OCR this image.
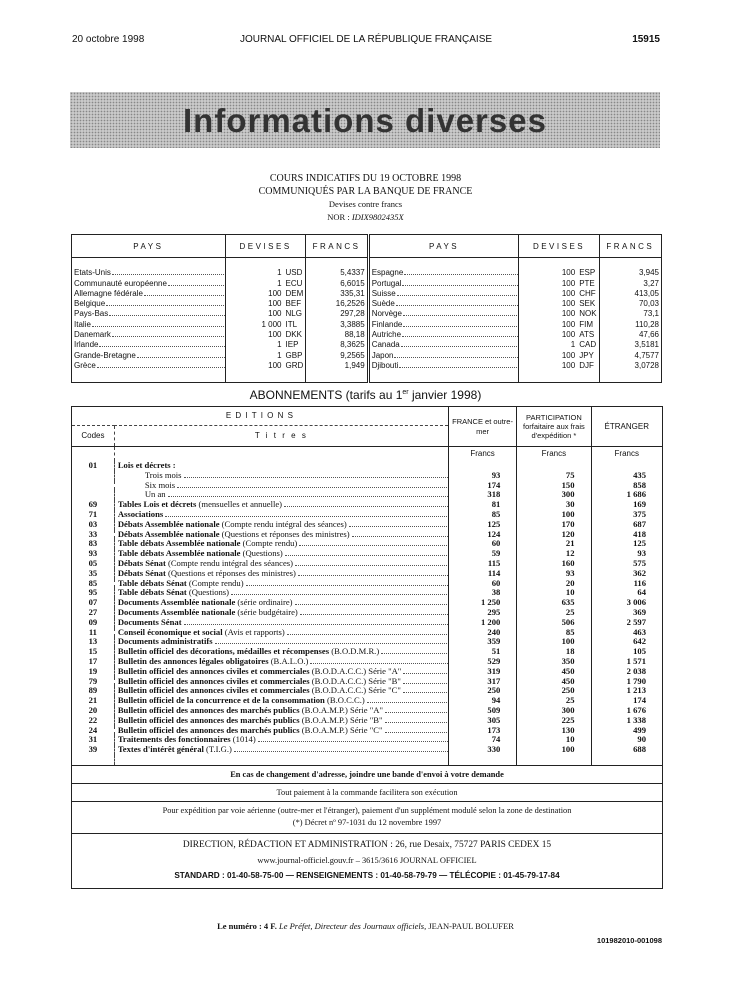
20 octobre 1998	JOURNAL OFFICIEL DE LA RÉPUBLIQUE FRANÇAISE	15915
Informations diverses
COURS INDICATIFS DU 19 OCTOBRE 1998
COMMUNIQUÉS PAR LA BANQUE DE FRANCE
Devises contre francs
NOR : IDIX9802435X
PAYS	DEVISES		FRANCS	PAYS	DEVISES		FRANCS

Etats-Unis	1	USD	5,4337	Espagne	100	ESP	3,945
Communauté européenne	1	ECU	6,6015	Portugal	100	PTE	3,27
Allemagne fédérale	100	DEM	335,31	Suisse	100	CHF	413,05
Belgique	100	BEF	16,2526	Suède	100	SEK	70,03
Pays-Bas	100	NLG	297,28	Norvège	100	NOK	73,1
Italie	1 000	ITL	3,3885	Finlande	100	FIM	110,28
Danemark	100	DKK	88,18	Autriche	100	ATS	47,66
Irlande	1	IEP	8,3625	Canada	1	CAD	3,5181
Grande-Bretagne	1	GBP	9,2565	Japon	100	JPY	4,7577
Grèce	100	GRD	1,949	Djibouti	100	DJF	3,0728

ABONNEMENTS (tarifs au 1er janvier 1998)
E D I T I O N S		FRANCE et outre-mer	PARTICIPATION forfaitaire aux frais d'expédition *	ÉTRANGER
Codes	T i t r e s			
		Francs	Francs	Francs
01	Lois et décrets :			
	Trois mois	93	75	435
	Six mois	174	150	858
	Un an	318	300	1 686
69	Tables Lois et décrets (mensuelles et annuelle)	81	30	169
71	Associations	85	100	375
03	Débats Assemblée nationale (Compte rendu intégral des séances)	125	170	687
33	Débats Assemblée nationale (Questions et réponses des ministres)	124	120	418
83	Table débats Assemblée nationale (Compte rendu)	60	21	125
93	Table débats Assemblée nationale (Questions)	59	12	93
05	Débats Sénat (Compte rendu intégral des séances)	115	160	575
35	Débats Sénat (Questions et réponses des ministres)	114	93	362
85	Table débats Sénat (Compte rendu)	60	20	116
95	Table débats Sénat (Questions)	38	10	64
07	Documents Assemblée nationale (série ordinaire)	1 250	635	3 006
27	Documents Assemblée nationale (série budgétaire)	295	25	369
09	Documents Sénat	1 200	506	2 597
11	Conseil économique et social (Avis et rapports)	240	85	463
13	Documents administratifs	359	100	642
15	Bulletin officiel des décorations, médailles et récompenses (B.O.D.M.R.)	51	18	105
17	Bulletin des annonces légales obligatoires (B.A.L.O.)	529	350	1 571
19	Bulletin officiel des annonces civiles et commerciales (B.O.D.A.C.C.) Série "A"	319	450	2 038
79	Bulletin officiel des annonces civiles et commerciales (B.O.D.A.C.C.) Série "B"	317	450	1 790
89	Bulletin officiel des annonces civiles et commerciales (B.O.D.A.C.C.) Série "C"	250	250	1 213
21	Bulletin officiel de la concurrence et de la consommation (B.O.C.C.)	94	25	174
20	Bulletin officiel des annonces des marchés publics (B.O.A.M.P.) Série "A"	509	300	1 676
22	Bulletin officiel des annonces des marchés publics (B.O.A.M.P.) Série "B"	305	225	1 338
24	Bulletin officiel des annonces des marchés publics (B.O.A.M.P.) Série "C"	173	130	499
31	Traitements des fonctionnaires (1014)	74	10	90
39	Textes d'intérêt général (T.I.G.)	330	100	688

En cas de changement d'adresse, joindre une bande d'envoi à votre demande
Tout paiement à la commande facilitera son exécution
Pour expédition par voie aérienne (outre-mer et l'étranger), paiement d'un supplément modulé selon la zone de destination
(*) Décret nº 97-1031 du 12 novembre 1997
DIRECTION, RÉDACTION ET ADMINISTRATION : 26, rue Desaix, 75727 PARIS CEDEX 15
www.journal-officiel.gouv.fr – 3615/3616 JOURNAL OFFICIEL
STANDARD : 01-40-58-75-00 — RENSEIGNEMENTS : 01-40-58-79-79 — TÉLÉCOPIE : 01-45-79-17-84
Le numéro : 4 F. Le Préfet, Directeur des Journaux officiels, JEAN-PAUL BOLUFER
101982010-001098
